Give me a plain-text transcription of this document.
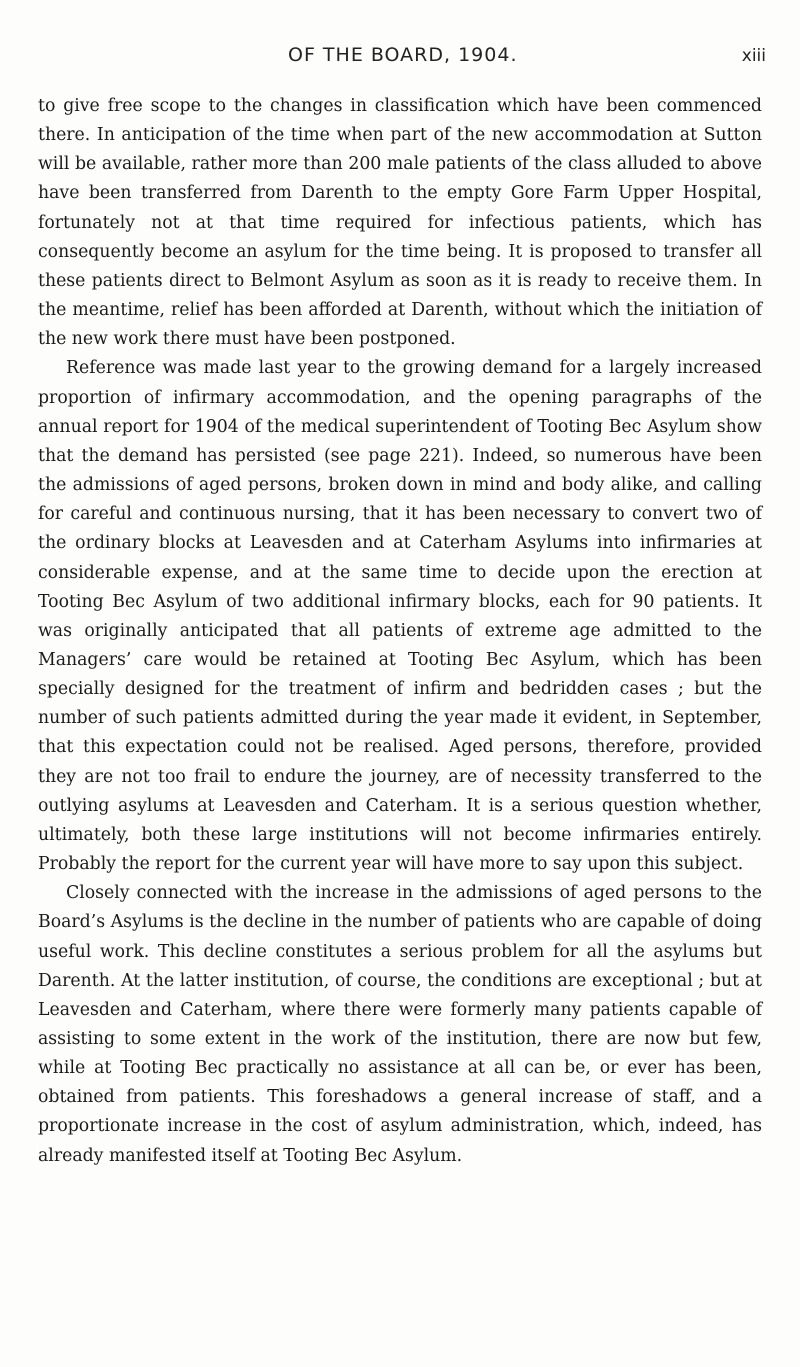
OF THE BOARD, 1904.	xiii

to give free scope to the changes in classification which have been commenced there. In anticipation of the time when part of the new accommodation at Sutton will be available, rather more than 200 male patients of the class alluded to above have been transferred from Darenth to the empty Gore Farm Upper Hospital, fortunately not at that time required for infectious patients, which has consequently become an asylum for the time being. It is proposed to transfer all these patients direct to Belmont Asylum as soon as it is ready to receive them. In the meantime, relief has been afforded at Darenth, without which the initiation of the new work there must have been postponed.

Reference was made last year to the growing demand for a largely increased proportion of infirmary accommodation, and the opening paragraphs of the annual report for 1904 of the medical superintendent of Tooting Bec Asylum show that the demand has persisted (see page 221). Indeed, so numerous have been the admissions of aged persons, broken down in mind and body alike, and calling for careful and continuous nursing, that it has been necessary to convert two of the ordinary blocks at Leavesden and at Caterham Asylums into infirmaries at considerable expense, and at the same time to decide upon the erection at Tooting Bec Asylum of two additional infirmary blocks, each for 90 patients. It was originally anticipated that all patients of extreme age admitted to the Managers’ care would be retained at Tooting Bec Asylum, which has been specially designed for the treatment of infirm and bedridden cases ; but the number of such patients admitted during the year made it evident, in September, that this expectation could not be realised. Aged persons, therefore, provided they are not too frail to endure the journey, are of necessity transferred to the outlying asylums at Leavesden and Caterham. It is a serious question whether, ultimately, both these large institutions will not become infirmaries entirely. Probably the report for the current year will have more to say upon this subject.

Closely connected with the increase in the admissions of aged persons to the Board’s Asylums is the decline in the number of patients who are capable of doing useful work. This decline constitutes a serious problem for all the asylums but Darenth. At the latter institution, of course, the conditions are exceptional ; but at Leavesden and Caterham, where there were formerly many patients capable of assisting to some extent in the work of the institution, there are now but few, while at Tooting Bec practically no assistance at all can be, or ever has been, obtained from patients. This foreshadows a general increase of staff, and a proportionate increase in the cost of asylum administration, which, indeed, has already manifested itself at Tooting Bec Asylum.
